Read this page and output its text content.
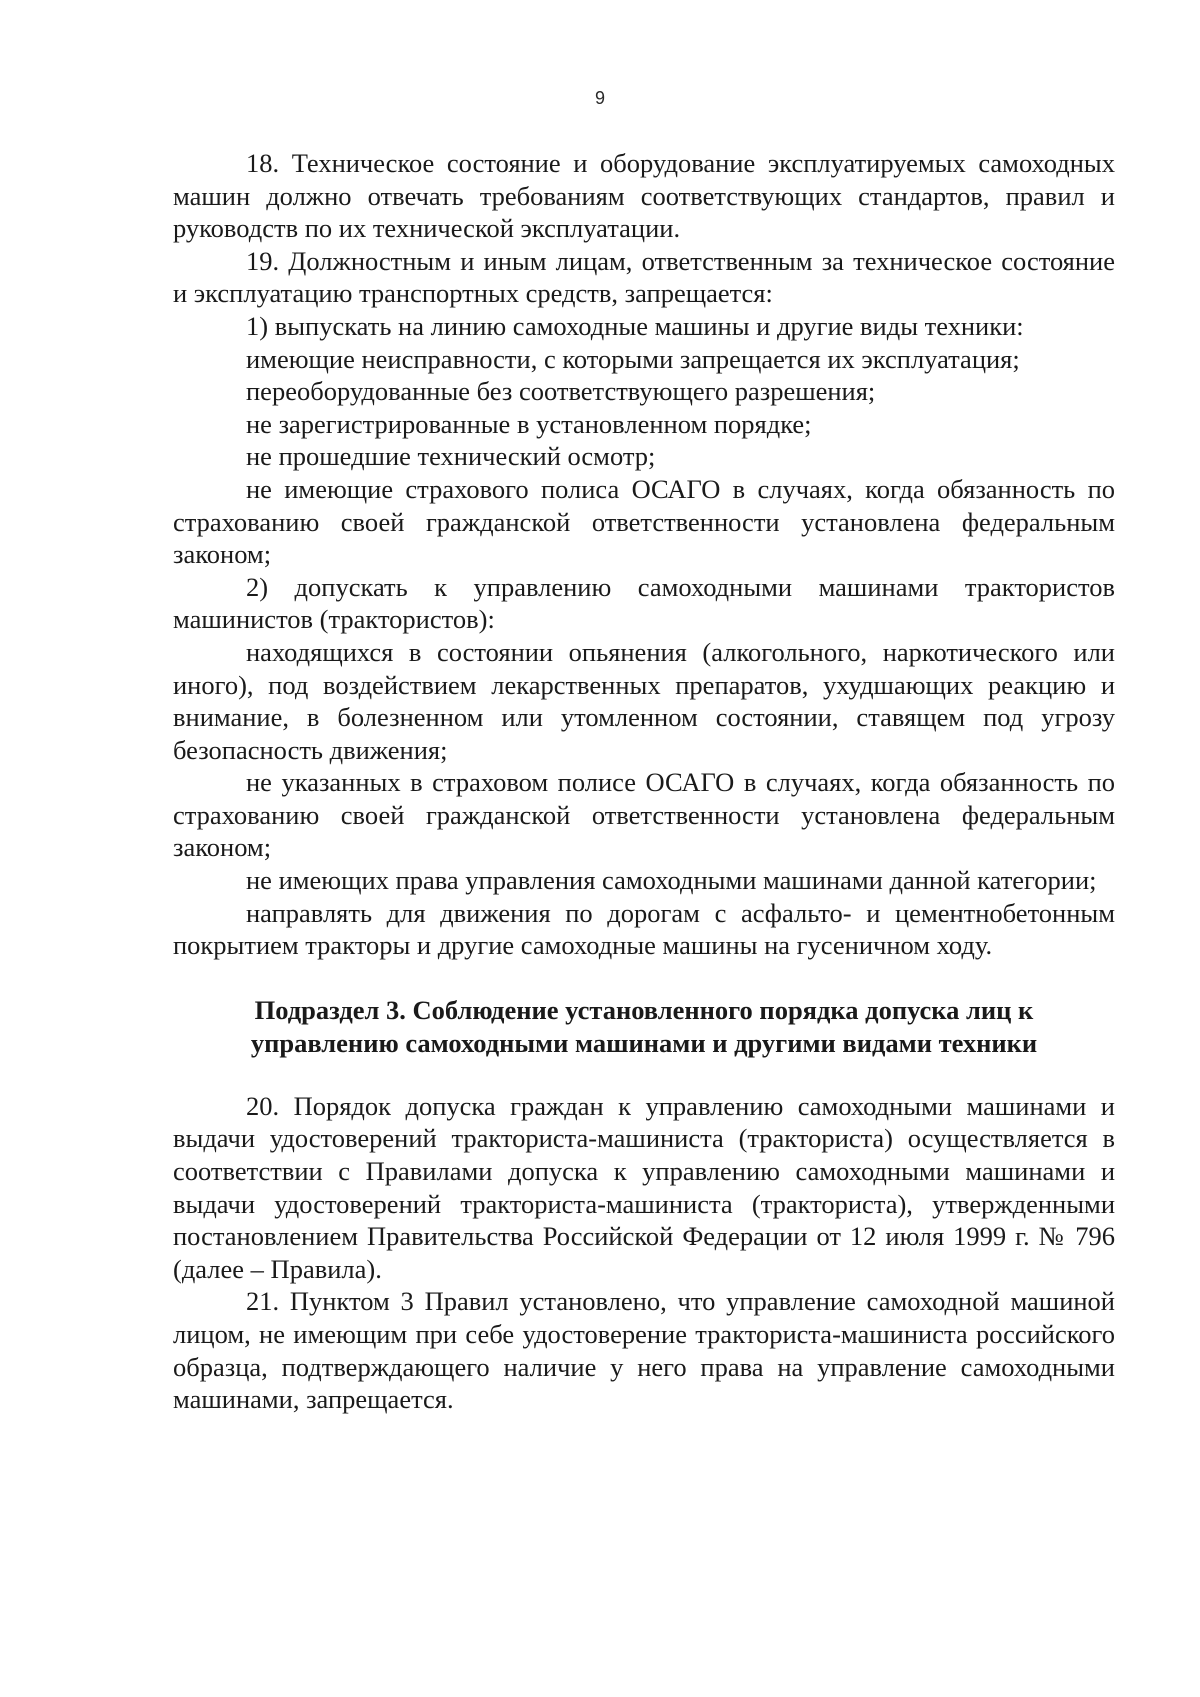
9

18. Техническое состояние и оборудование эксплуатируемых самоходных машин должно отвечать требованиям соответствующих стандартов, правил и руководств по их технической эксплуатации.

19. Должностным и иным лицам, ответственным за техническое состояние и эксплуатацию транспортных средств, запрещается:

1) выпускать на линию самоходные машины и другие виды техники:

имеющие неисправности, с которыми запрещается их эксплуатация;

переоборудованные без соответствующего разрешения;

не зарегистрированные в установленном порядке;

не прошедшие технический осмотр;

не имеющие страхового полиса ОСАГО в случаях, когда обязанность по страхованию своей гражданской ответственности установлена федеральным законом;

2) допускать к управлению самоходными машинами трактористов машинистов (трактористов):

находящихся в состоянии опьянения (алкогольного, наркотического или иного), под воздействием лекарственных препаратов, ухудшающих реакцию и внимание, в болезненном или утомленном состоянии, ставящем под угрозу безопасность движения;

не указанных в страховом полисе ОСАГО в случаях, когда обязанность по страхованию своей гражданской ответственности установлена федеральным законом;

не имеющих права управления самоходными машинами данной категории;

направлять для движения по дорогам с асфальто- и цементнобетонным покрытием тракторы и другие самоходные машины на гусеничном ходу.

Подраздел 3. Соблюдение установленного порядка допуска лиц к
управлению самоходными машинами и другими видами техники

20. Порядок допуска граждан к управлению самоходными машинами и выдачи удостоверений тракториста-машиниста (тракториста) осуществляется в соответствии с Правилами допуска к управлению самоходными машинами и выдачи удостоверений тракториста-машиниста (тракториста), утвержденными постановлением Правительства Российской Федерации от 12 июля 1999 г. № 796 (далее – Правила).

21. Пунктом 3 Правил установлено, что управление самоходной машиной лицом, не имеющим при себе удостоверение тракториста-машиниста российского образца, подтверждающего наличие у него права на управление самоходными машинами, запрещается.
